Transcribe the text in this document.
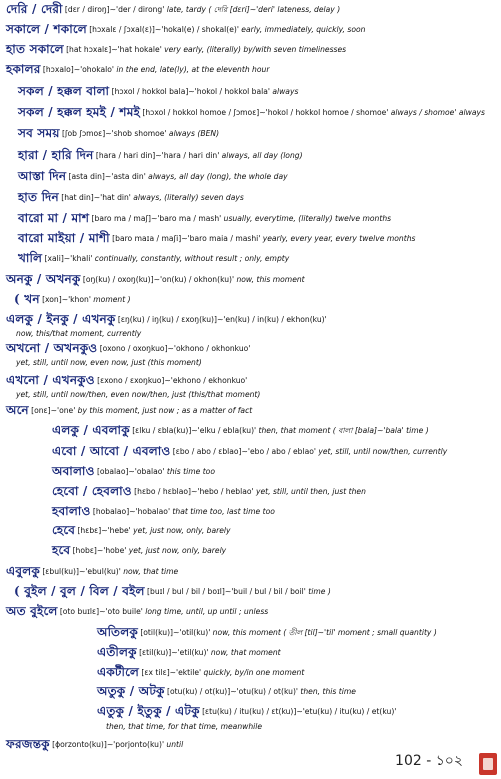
দেরি / দেরী [dɛr / diroŋ]~'der / dirong' late, tardy ( দেরি [dɛri]~'deri' lateness, delay )
সকালে / শকালে [hɔxalɛ / ʃɔxal(ɛ)]~'hokal(e) / shokal(e)' early, immediately, quickly, soon
হাত সকালে [hat hɔxalɛ]~'hat hokale' very early, (literally) by/with seven timelinesses
হকালর [hɔxalo]~'ohokalo' in the end, late(ly), at the eleventh hour
সকল / হক্কল বালা [hɔxol / hokkol bala]~'hokol / hokkol bala' always
সকল / হক্কল হমই / শমই [hɔxol / hokkol homoe / ʃɔmoɛ]~'hokol / hokkol homoe / shomoe' always / shomoe' always
সব সময় [ʃob ʃɔmoɛ]~'shob shomoe' always (BEN)
হারা / হারি দিন [hara / hari din]~'hara / hari din' always, all day (long)
আস্তা দিন [asta din]~'asta din' always, all day (long), the whole day
হাত দিন [hat din]~'hat din' always, (literally) seven days
বারো মা / মাশ [baro ma / maʃ]~'baro ma / mash' usually, everytime, (literally) twelve months
বারো মাইয়া / মাশী [baro maɪa / maʃi]~'baro maia / mashi' yearly, every year, every twelve months
খালি [xali]~'khali' continually, constantly, without result ; only, empty
অনকু / অখনকু [oŋ(ku) / oxoŋ(ku)]~'on(ku) / okhon(ku)' now, this moment
( খন [xon]~'khon' moment )
এলকু / ইনকু / এখনকু [ɛŋ(ku) / iŋ(ku) / ɛxoŋ(ku)]~'en(ku) / in(ku) / ekhon(ku)'
now, this/that moment, currently
অখনো / অখনকুও [oxono / oxoŋkuo]~'okhono / okhonkuo'
yet, still, until now, even now, just (this moment)
এখনো / এখনকুও [ɛxono / ɛxoŋkuo]~'ekhono / ekhonkuo'
yet, still, until now/then, even now/then, just (this/that moment)
অনে [onɛ]~'one' by this moment, just now ; as a matter of fact
এলকু / এবলাকু [ɛlku / ɛbla(ku)]~'elku / ebla(ku)' then, that moment ( বালা [bala]~'bala' time )
এবো / আবো / এবলাও [ɛbo / abo / ɛblao]~'ebo / abo / eblao' yet, still, until now/then, currently
অবালাও [obalao]~'obalao' this time too
হেবো / হেবলাও [hɛbo / hɛblao]~'hebo / heblao' yet, still, until then, just then
হবালাও [hobalao]~'hobalao' that time too, last time too
হেবে [hɛbɛ]~'hebe' yet, just now, only, barely
হবে [hobɛ]~'hobe' yet, just now, only, barely
এবুলকু [ɛbul(ku)]~'ebul(ku)' now, that time
( বুইল / বুল / বিল / বইল [buɪl / bul / bil / boɪl]~'buil / bul / bil / boil' time )
অত বুইলে [oto buɪlɛ]~'oto buile' long time, until, up until ; unless
অতিলকু [otil(ku)]~'otil(ku)' now, this moment ( তীল [til]~'til' moment ; small quantity )
এতীলকু [ɛtil(ku)]~'etil(ku)' now, that moment
একটীলে [ɛx tilɛ]~'ektile' quickly, by/in one moment
অতুকু / অটকু [otu(ku) / ot(ku)]~'otu(ku) / ot(ku)' then, this time
এতুকু / ইতুকু / এটকু [ɛtu(ku) / itu(ku) / ɛt(ku)]~'etu(ku) / itu(ku) / et(ku)'
then, that time, for that time, meanwhile
ফরজন্তকু [ɸorzonto(ku)]~'porjonto(ku)' until
102 - ১০২
